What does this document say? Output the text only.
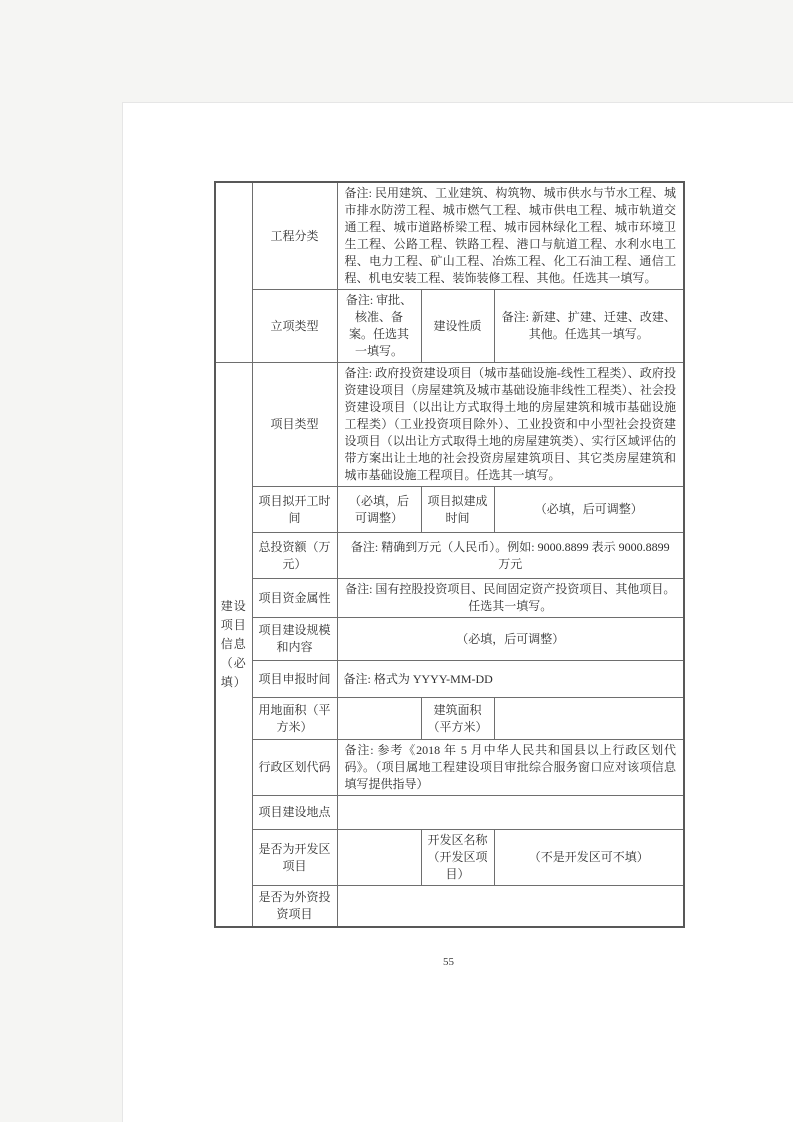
	工程分类	备注: 民用建筑、工业建筑、构筑物、城市供水与节水工程、城市排水防涝工程、城市燃气工程、城市供电工程、城市轨道交通工程、城市道路桥梁工程、城市园林绿化工程、城市环境卫生工程、公路工程、铁路工程、港口与航道工程、水利水电工程、电力工程、矿山工程、冶炼工程、化工石油工程、通信工程、机电安装工程、装饰装修工程、其他。任选其一填写。		
	立项类型	备注: 审批、核准、备案。任选其一填写。	建设性质	备注: 新建、扩建、迁建、改建、其他。任选其一填写。

建设
项目
信息
（必
填）	项目类型	备注: 政府投资建设项目（城市基础设施-线性工程类）、政府投资建设项目（房屋建筑及城市基础设施非线性工程类）、社会投资建设项目（以出让方式取得土地的房屋建筑和城市基础设施工程类）（工业投资项目除外）、工业投资和中小型社会投资建设项目（以出让方式取得土地的房屋建筑类）、实行区域评估的带方案出让土地的社会投资房屋建筑项目、其它类房屋建筑和城市基础设施工程项目。任选其一填写。		
	项目拟开工时间	（必填，后可调整）	项目拟建成时间	（必填，后可调整）
	总投资额（万元）	备注: 精确到万元（人民币）。例如: 9000.8899 表示 9000.8899 万元		
	项目资金属性	备注: 国有控股投资项目、民间固定资产投资项目、其他项目。任选其一填写。		
	项目建设规模和内容	（必填，后可调整）		
	项目申报时间	备注: 格式为 YYYY-MM-DD		
	用地面积（平方米）		建筑面积（平方米）	
	行政区划代码	备注: 参考《2018 年 5 月中华人民共和国县以上行政区划代码》。（项目属地工程建设项目审批综合服务窗口应对该项信息填写提供指导）		
	项目建设地点			
	是否为开发区项目		开发区名称（开发区项目）	（不是开发区可不填）
	是否为外资投资项目			
55
